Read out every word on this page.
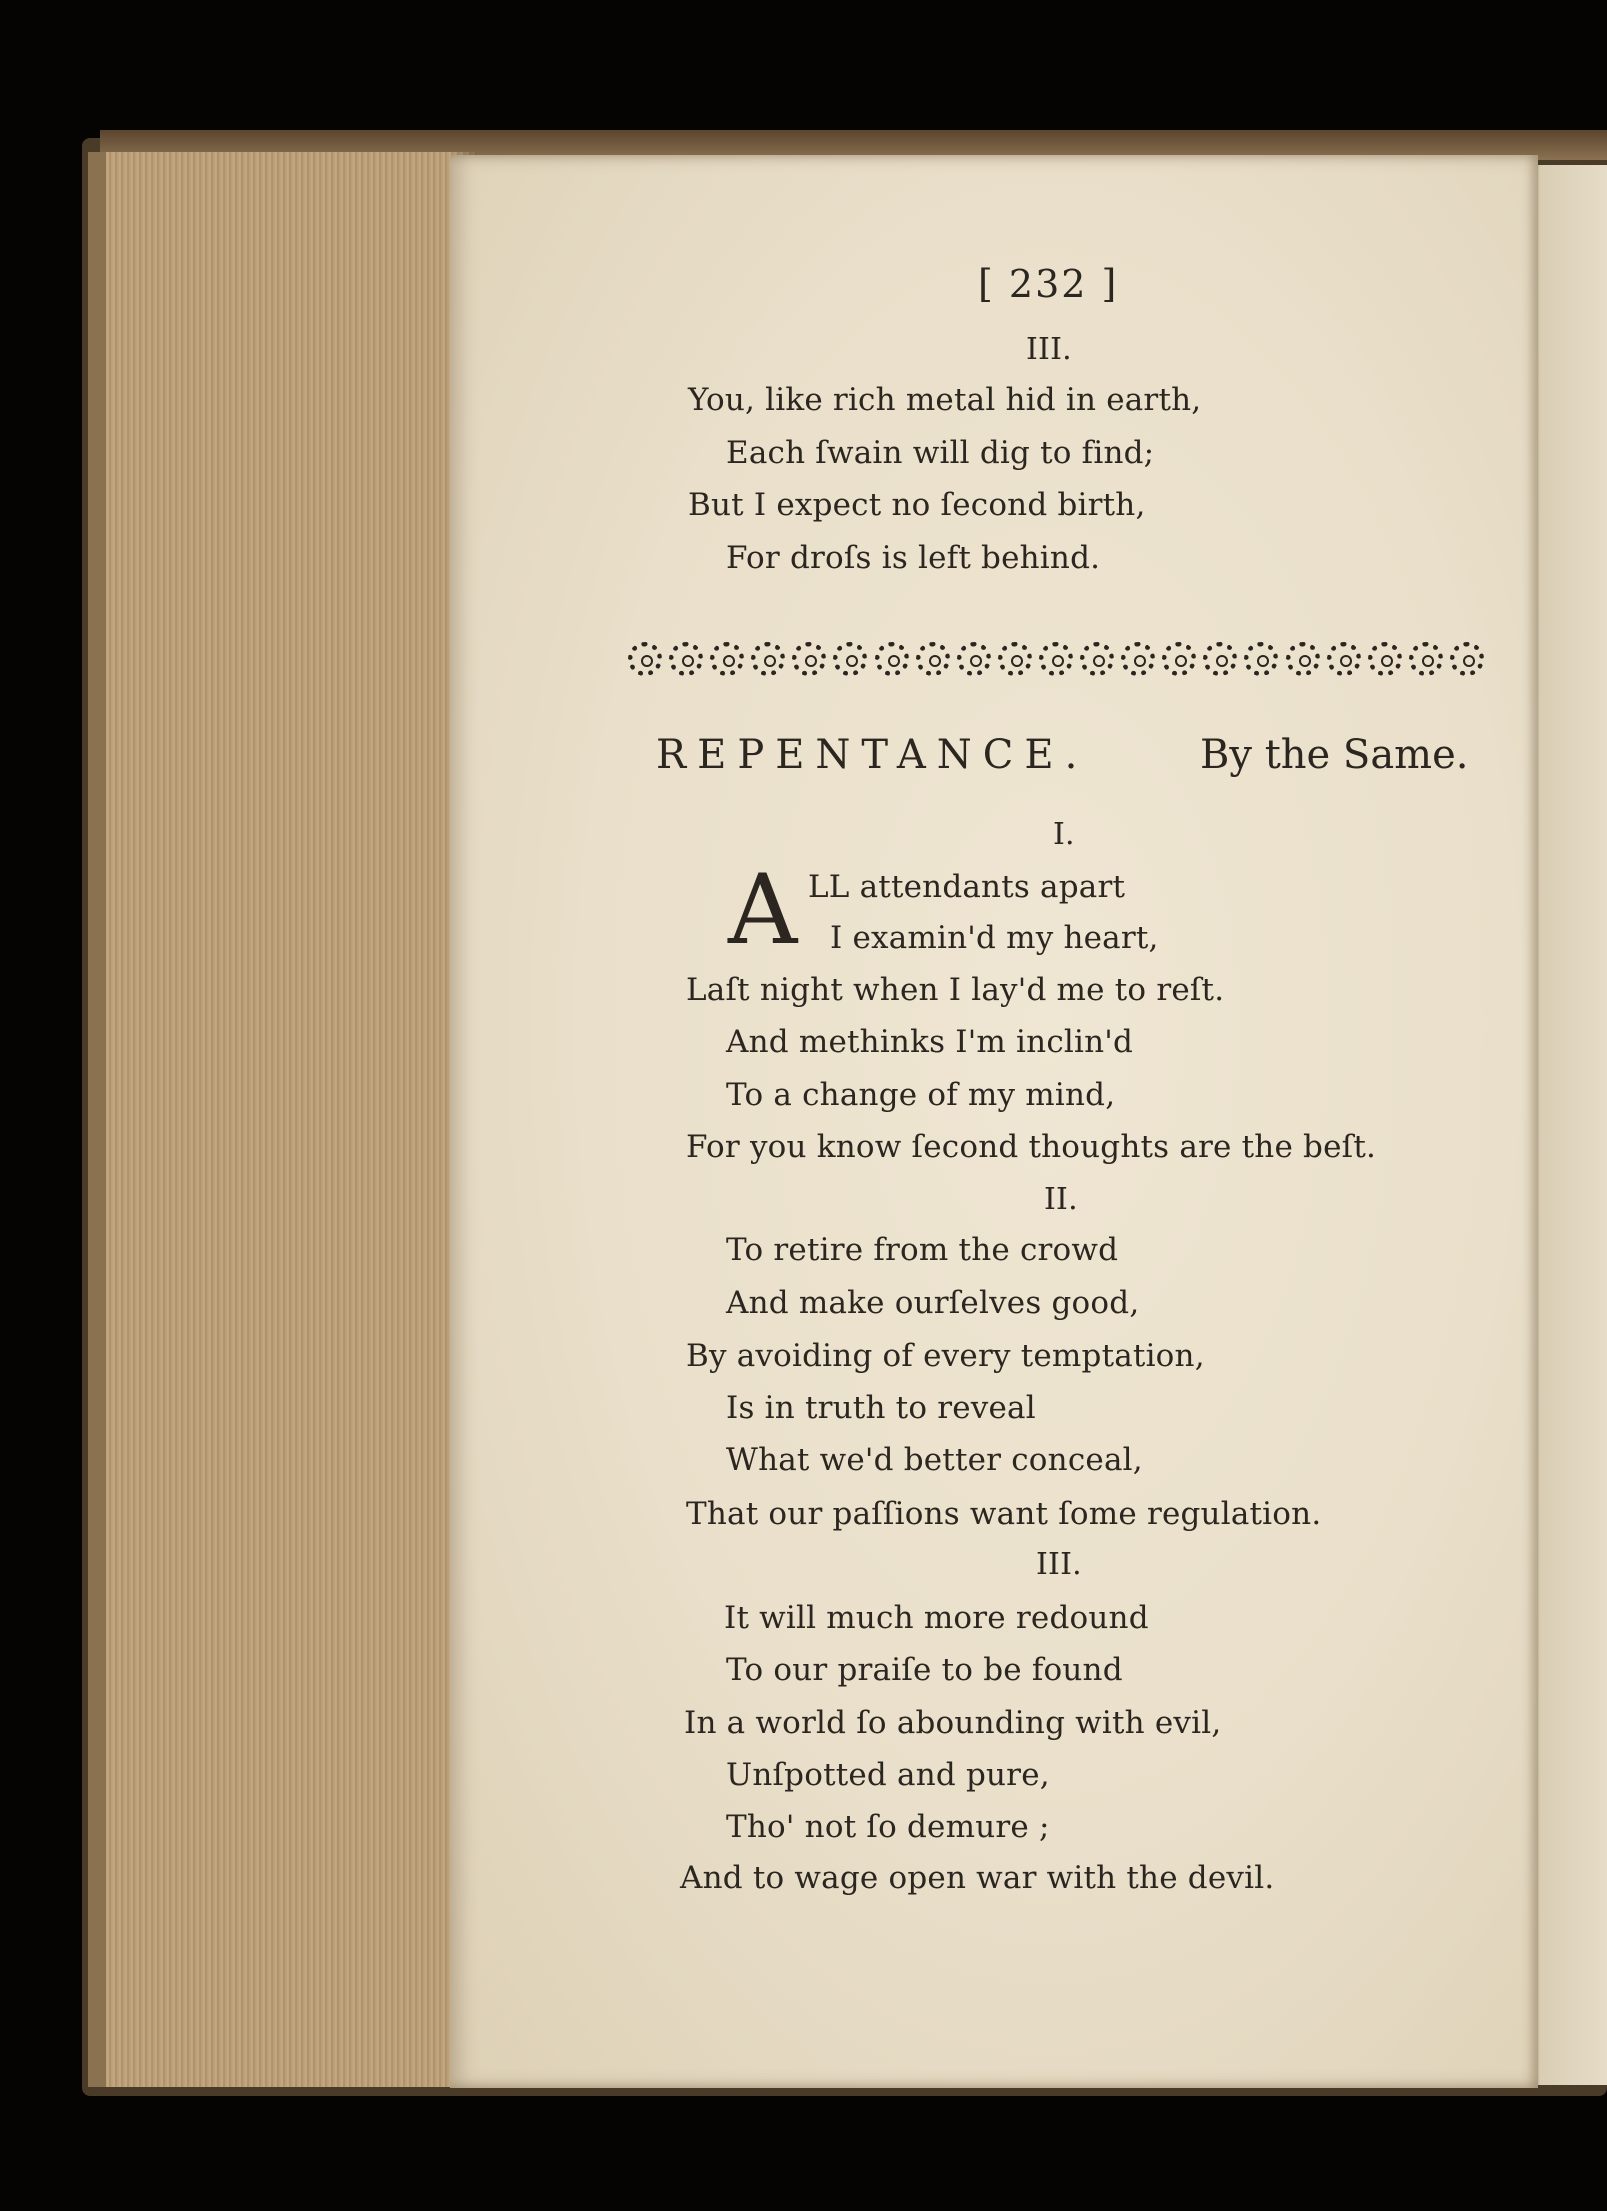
[ 232 ]
III.
You, like rich metal hid in earth,
Each ſwain will dig to find;
But I expect no ſecond birth,
For droſs is left behind.
REPENTANCE.	By the Same.
I.
A LL attendants apart
I examin'd my heart,
Laſt night when I lay'd me to reſt.
And methinks I'm inclin'd
To a change of my mind,
For you know ſecond thoughts are the beſt.
II.
To retire from the crowd
And make ourſelves good,
By avoiding of every temptation,
Is in truth to reveal
What we'd better conceal,
That our paſſions want ſome regulation.
III.
It will much more redound
To our praiſe to be found
In a world ſo abounding with evil,
Unſpotted and pure,
Tho' not ſo demure ;
And to wage open war with the devil.
